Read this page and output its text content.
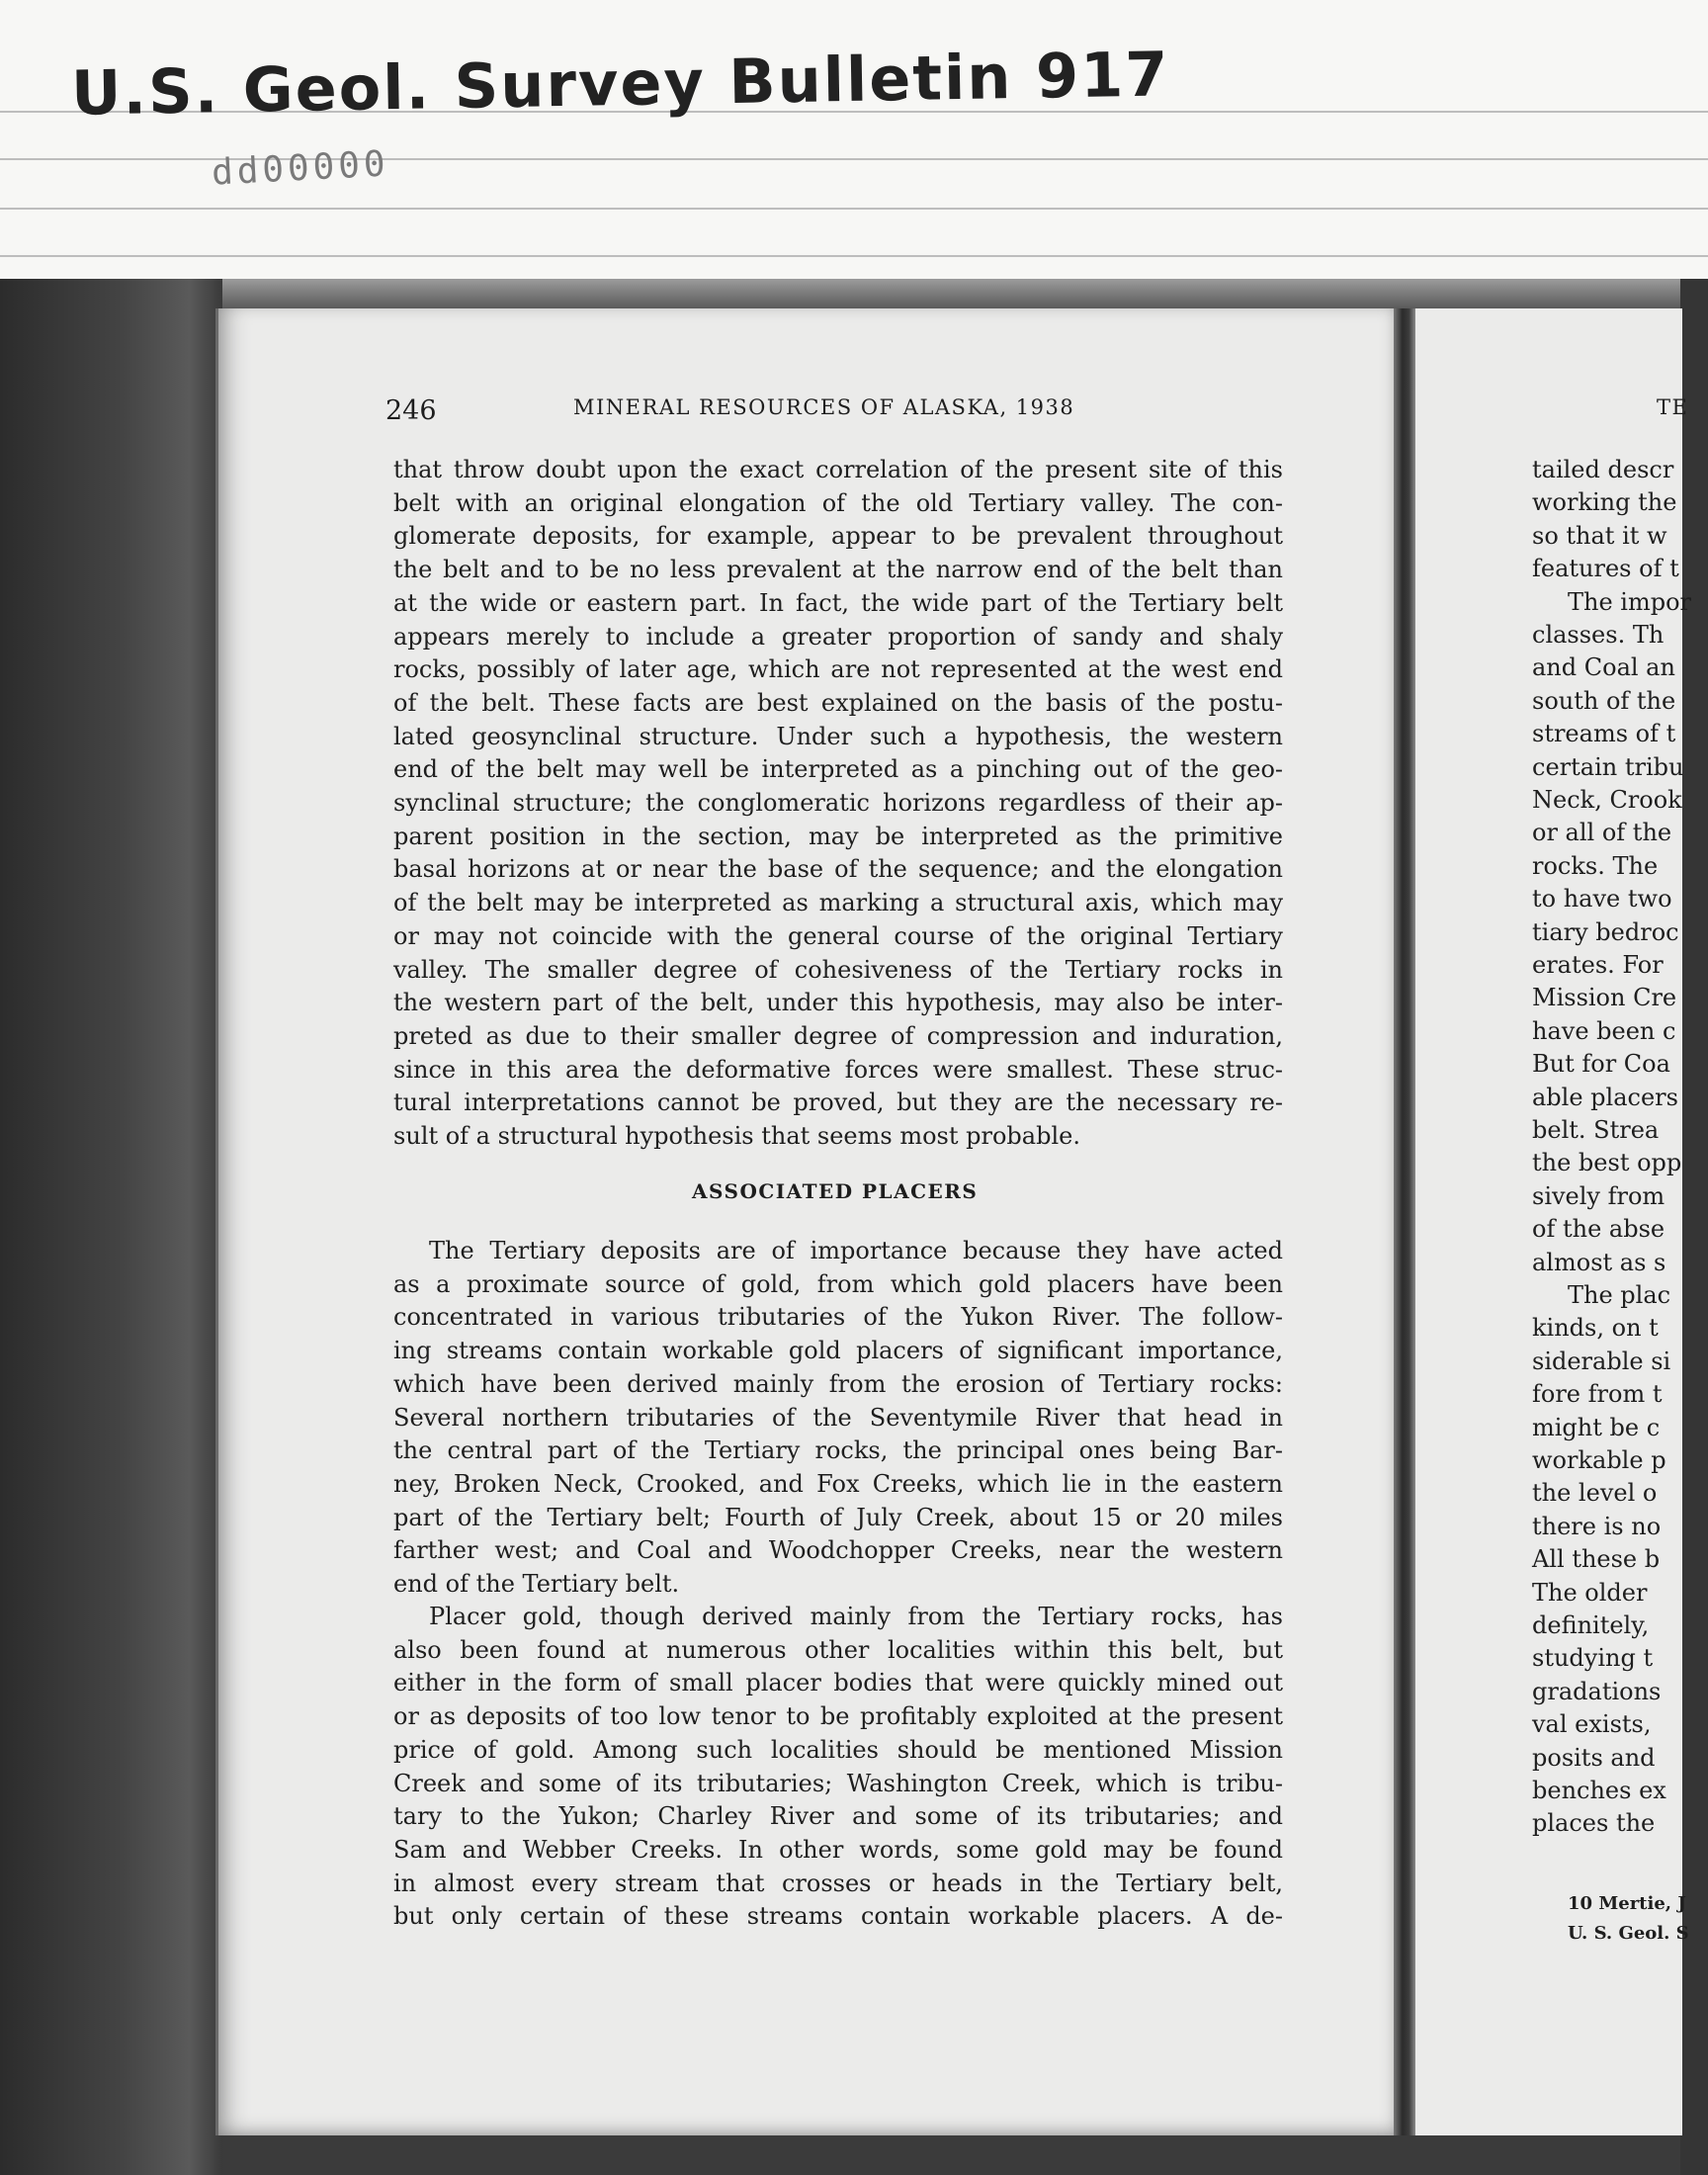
U.S. Geol. Survey Bulletin 917
dd00000
246	MINERAL RESOURCES OF ALASKA, 1938
that throw doubt upon the exact correlation of the present site of this
belt with an original elongation of the old Tertiary valley. The con-
glomerate deposits, for example, appear to be prevalent throughout
the belt and to be no less prevalent at the narrow end of the belt than
at the wide or eastern part. In fact, the wide part of the Tertiary belt
appears merely to include a greater proportion of sandy and shaly
rocks, possibly of later age, which are not represented at the west end
of the belt. These facts are best explained on the basis of the postu-
lated geosynclinal structure. Under such a hypothesis, the western
end of the belt may well be interpreted as a pinching out of the geo-
synclinal structure; the conglomeratic horizons regardless of their ap-
parent position in the section, may be interpreted as the primitive
basal horizons at or near the base of the sequence; and the elongation
of the belt may be interpreted as marking a structural axis, which may
or may not coincide with the general course of the original Tertiary
valley. The smaller degree of cohesiveness of the Tertiary rocks in
the western part of the belt, under this hypothesis, may also be inter-
preted as due to their smaller degree of compression and induration,
since in this area the deformative forces were smallest. These struc-
tural interpretations cannot be proved, but they are the necessary re-
sult of a structural hypothesis that seems most probable.
The Tertiary deposits are of importance because they have acted
as a proximate source of gold, from which gold placers have been
concentrated in various tributaries of the Yukon River. The follow-
ing streams contain workable gold placers of significant importance,
which have been derived mainly from the erosion of Tertiary rocks:
Several northern tributaries of the Seventymile River that head in
the central part of the Tertiary rocks, the principal ones being Bar-
ney, Broken Neck, Crooked, and Fox Creeks, which lie in the eastern
part of the Tertiary belt; Fourth of July Creek, about 15 or 20 miles
farther west; and Coal and Woodchopper Creeks, near the western
end of the Tertiary belt.
Placer gold, though derived mainly from the Tertiary rocks, has
also been found at numerous other localities within this belt, but
either in the form of small placer bodies that were quickly mined out
or as deposits of too low tenor to be profitably exploited at the present
price of gold. Among such localities should be mentioned Mission
Creek and some of its tributaries; Washington Creek, which is tribu-
tary to the Yukon; Charley River and some of its tributaries; and
Sam and Webber Creeks. In other words, some gold may be found
in almost every stream that crosses or heads in the Tertiary belt,
but only certain of these streams contain workable placers. A de-
ASSOCIATED PLACERS
TE
tailed descr
working the
so that it w
features of t
The impor
classes. Th
and Coal an
south of the
streams of t
certain tribu
Neck, Crook
or all of the
rocks. The
to have two
tiary bedroc
erates. For
Mission Cre
have been c
But for Coa
able placers
belt. Strea
the best opp
sively from
of the abse
almost as s
The plac
kinds, on t
siderable si
fore from t
might be c
workable p
the level o
there is no
All these b
The older
definitely,
studying t
gradations
val exists,
posits and
benches ex
places the
10 Mertie, J
U. S. Geol. S
